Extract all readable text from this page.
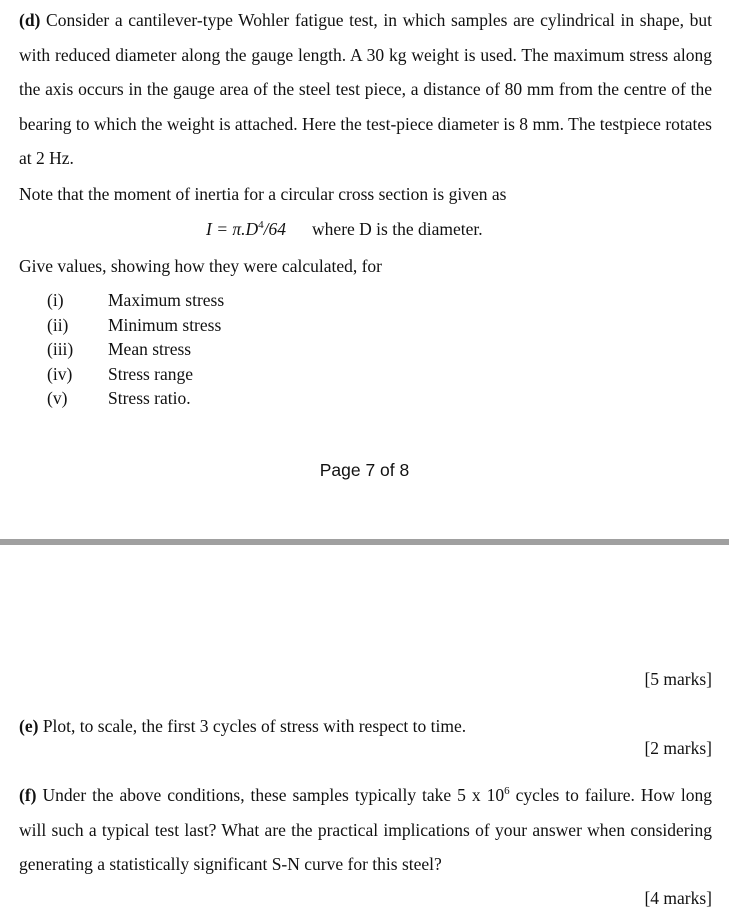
(d) Consider a cantilever-type Wohler fatigue test, in which samples are cylindrical in shape, but with reduced diameter along the gauge length. A 30 kg weight is used. The maximum stress along the axis occurs in the gauge area of the steel test piece, a distance of 80 mm from the centre of the bearing to which the weight is attached. Here the test-piece diameter is 8 mm. The testpiece rotates at 2 Hz.

Note that the moment of inertia for a circular cross section is given as

$I = \pi.D^4/64$ where D is the diameter.

Give values, showing how they were calculated, for

(i)	Maximum stress
(ii) Minimum stress
(iii) Mean stress
(iv) Stress range
(v) Stress ratio.

Page 7 of 8

[5 marks]

(e) Plot, to scale, the first 3 cycles of stress with respect to time.

[2 marks]

(f) Under the above conditions, these samples typically take 5 x $10^6$ cycles to failure. How long will such a typical test last? What are the practical implications of your answer when considering generating a statistically significant S-N curve for this steel?

[4 marks]
